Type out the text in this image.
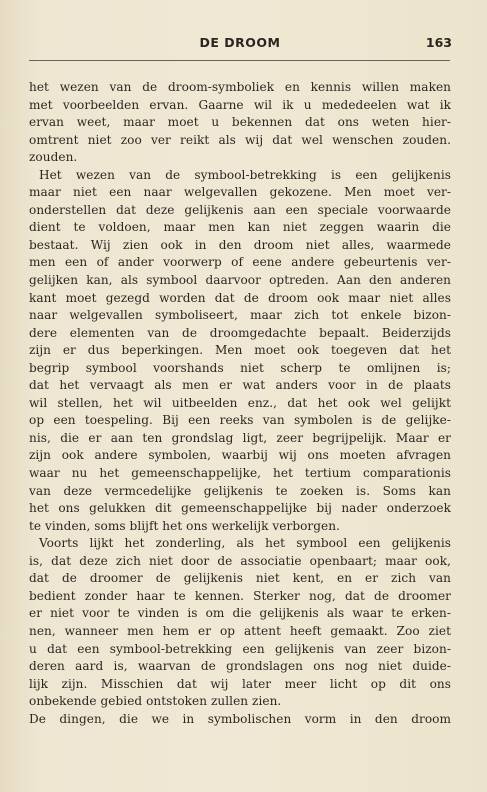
DE DROOM	163
het wezen van de droom-symboliek en kennis willen maken
met voorbeelden ervan. Gaarne wil ik u mededeelen wat ik
ervan weet, maar moet u bekennen dat ons weten hier-
omtrent niet zoo ver reikt als wij dat wel wenschen zouden.
zouden.
Het wezen van de symbool-betrekking is een gelijkenis
maar niet een naar welgevallen gekozene. Men moet ver-
onderstellen dat deze gelijkenis aan een speciale voorwaarde
dient te voldoen, maar men kan niet zeggen waarin die
bestaat. Wij zien ook in den droom niet alles, waarmede
men een of ander voorwerp of eene andere gebeurtenis ver-
gelijken kan, als symbool daarvoor optreden. Aan den anderen
kant moet gezegd worden dat de droom ook maar niet alles
naar welgevallen symboliseert, maar zich tot enkele bizon-
dere elementen van de droomgedachte bepaalt. Beiderzijds
zijn er dus beperkingen. Men moet ook toegeven dat het
begrip symbool voorshands niet scherp te omlijnen is;
dat het vervaagt als men er wat anders voor in de plaats
wil stellen, het wil uitbeelden enz., dat het ook wel gelijkt
op een toespeling. Bij een reeks van symbolen is de gelijke-
nis, die er aan ten grondslag ligt, zeer begrijpelijk. Maar er
zijn ook andere symbolen, waarbij wij ons moeten afvragen
waar nu het gemeenschappelijke, het tertium comparationis
van deze vermcedelijke gelijkenis te zoeken is. Soms kan
het ons gelukken dit gemeenschappelijke bij nader onderzoek
te vinden, soms blijft het ons werkelijk verborgen.
Voorts lijkt het zonderling, als het symbool een gelijkenis
is, dat deze zich niet door de associatie openbaart; maar ook,
dat de droomer de gelijkenis niet kent, en er zich van
bedient zonder haar te kennen. Sterker nog, dat de droomer
er niet voor te vinden is om die gelijkenis als waar te erken-
nen, wanneer men hem er op attent heeft gemaakt. Zoo ziet
u dat een symbool-betrekking een gelijkenis van zeer bizon-
deren aard is, waarvan de grondslagen ons nog niet duide-
lijk zijn. Misschien dat wij later meer licht op dit ons
onbekende gebied ontstoken zullen zien.
De dingen, die we in symbolischen vorm in den droom
